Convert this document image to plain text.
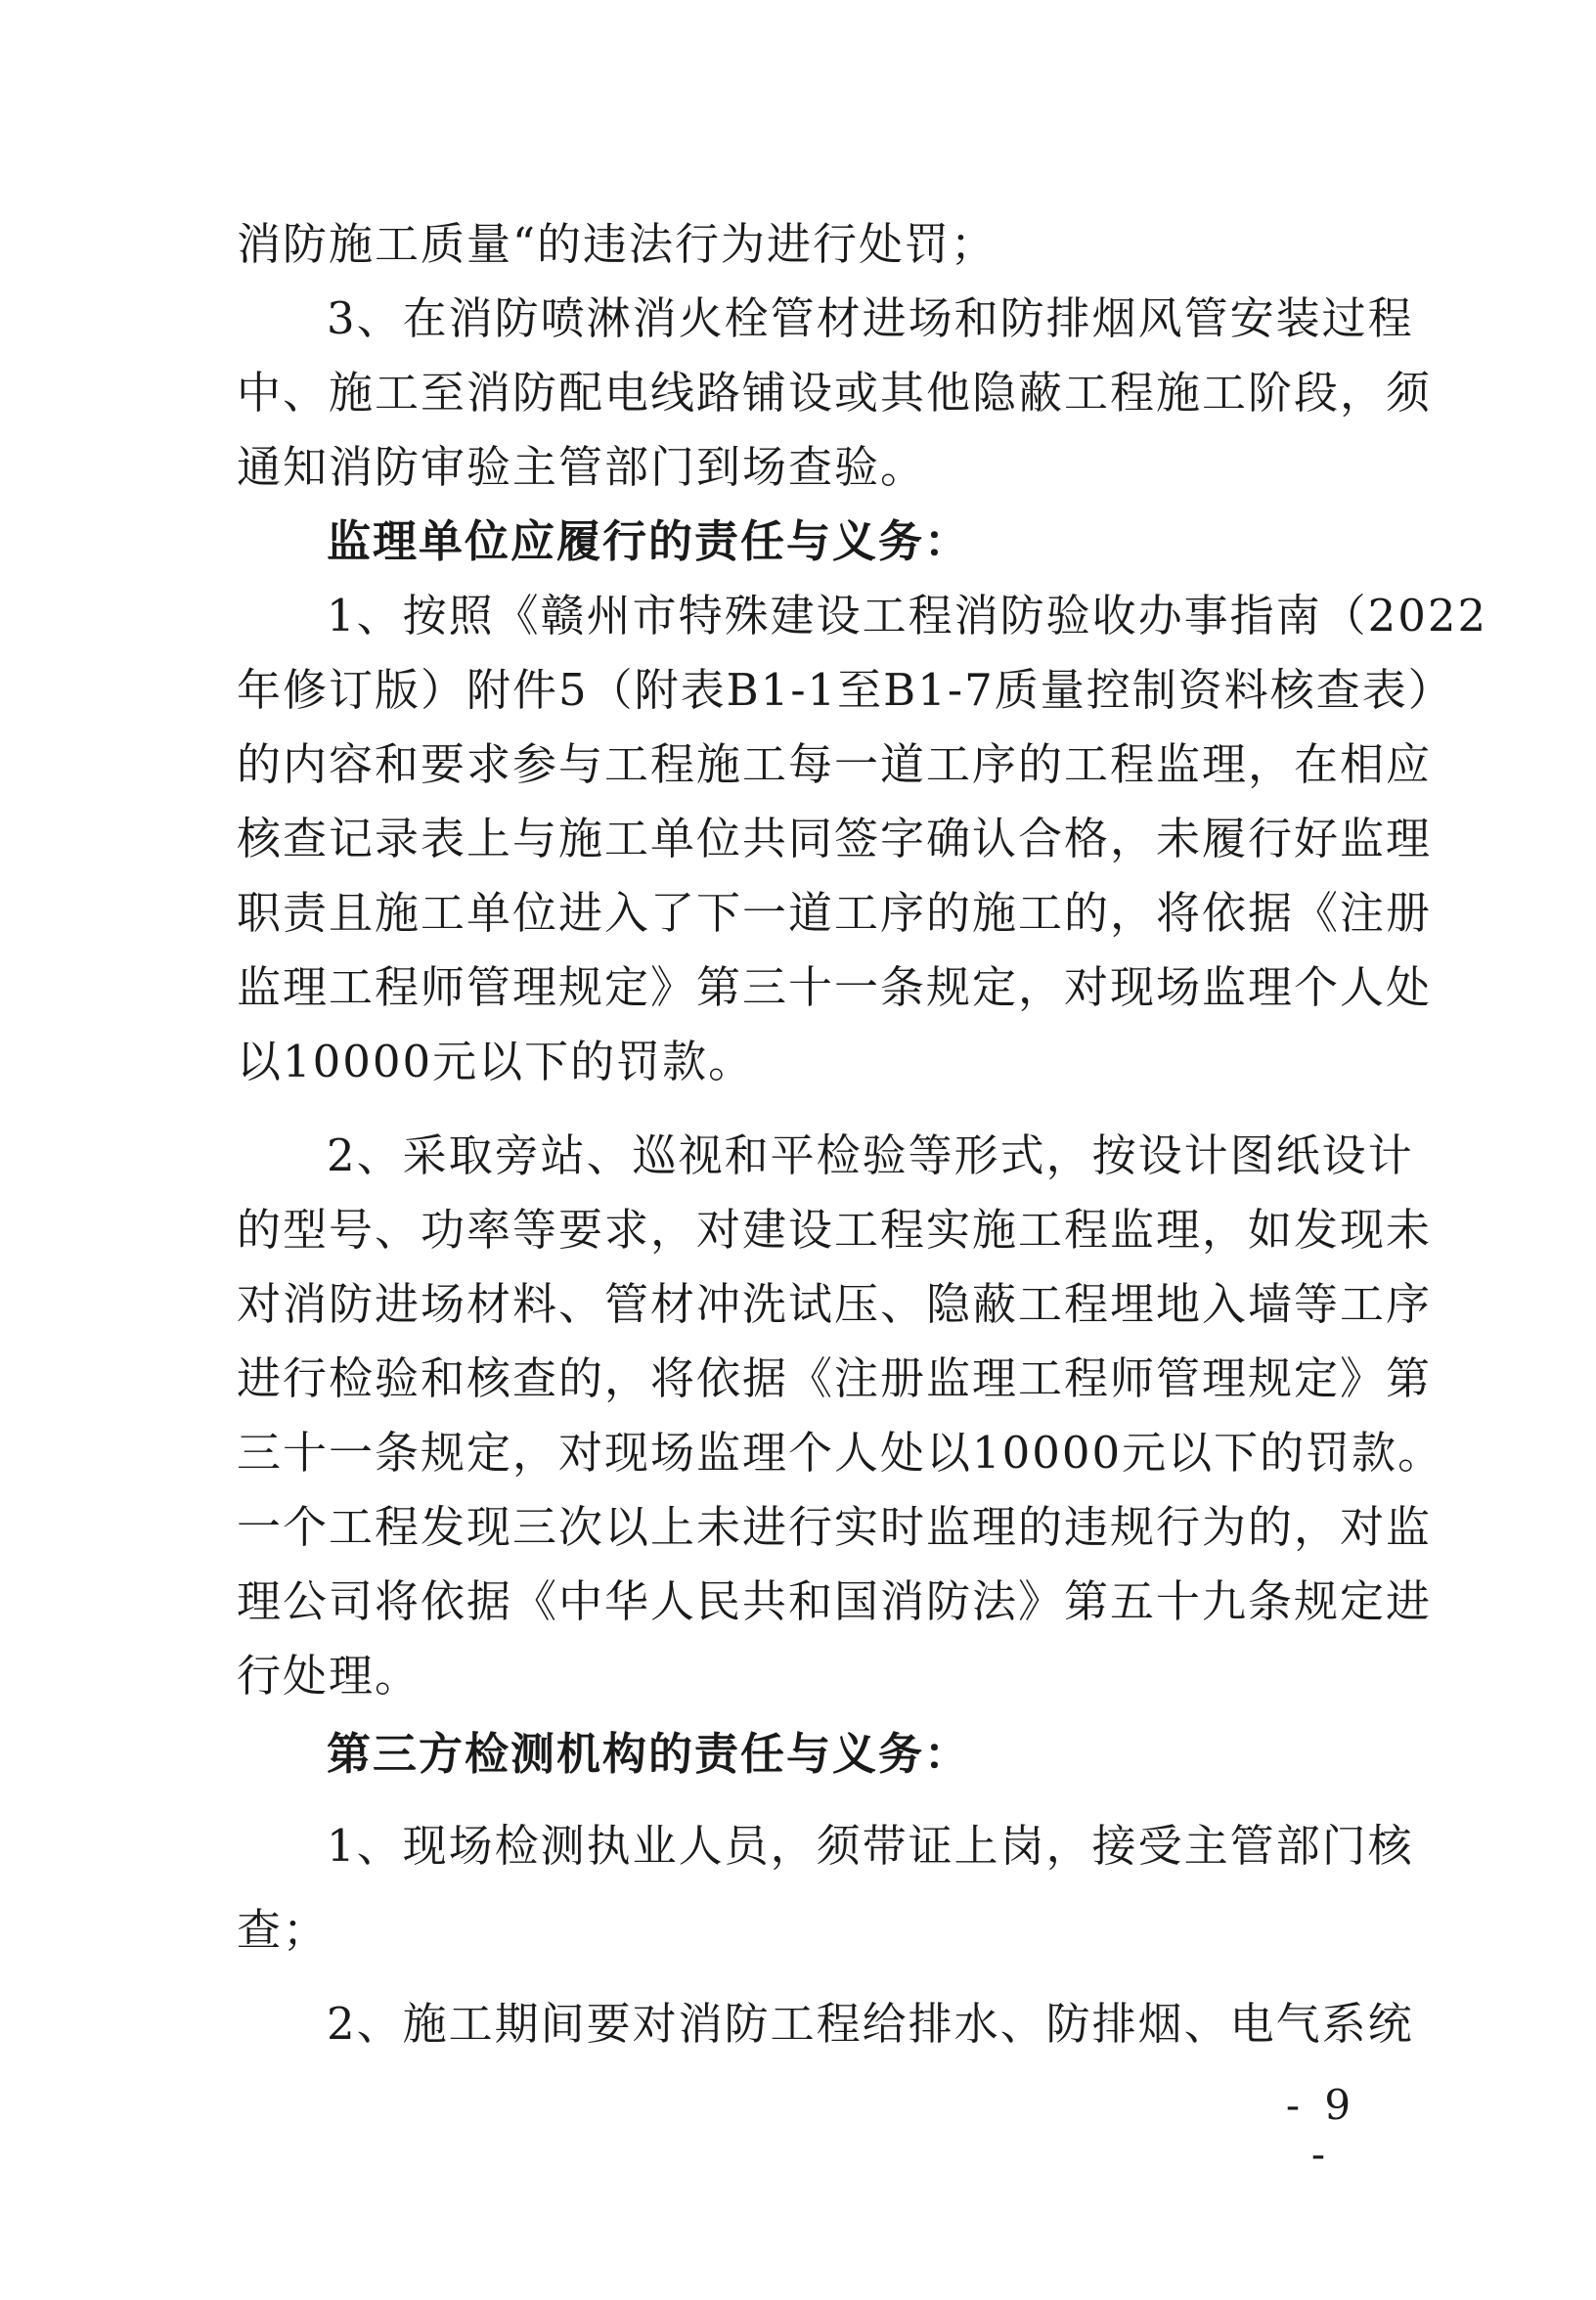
消防施工质量“的违法行为进行处罚；
3、在消防喷淋消火栓管材进场和防排烟风管安装过程
中、施工至消防配电线路铺设或其他隐蔽工程施工阶段，须
通知消防审验主管部门到场查验。
监理单位应履行的责任与义务：
1、按照《赣州市特殊建设工程消防验收办事指南（2022
年修订版）附件5（附表B1-1至B1-7质量控制资料核查表）
的内容和要求参与工程施工每一道工序的工程监理，在相应
核查记录表上与施工单位共同签字确认合格，未履行好监理
职责且施工单位进入了下一道工序的施工的，将依据《注册
监理工程师管理规定》第三十一条规定，对现场监理个人处
以10000元以下的罚款。
2、采取旁站、巡视和平检验等形式，按设计图纸设计
的型号、功率等要求，对建设工程实施工程监理，如发现未
对消防进场材料、管材冲洗试压、隐蔽工程埋地入墙等工序
进行检验和核查的，将依据《注册监理工程师管理规定》第
三十一条规定，对现场监理个人处以10000元以下的罚款。
一个工程发现三次以上未进行实时监理的违规行为的，对监
理公司将依据《中华人民共和国消防法》第五十九条规定进
行处理。
第三方检测机构的责任与义务：
1、现场检测执业人员，须带证上岗，接受主管部门核
查；
2、施工期间要对消防工程给排水、防排烟、电气系统
- 9 -
